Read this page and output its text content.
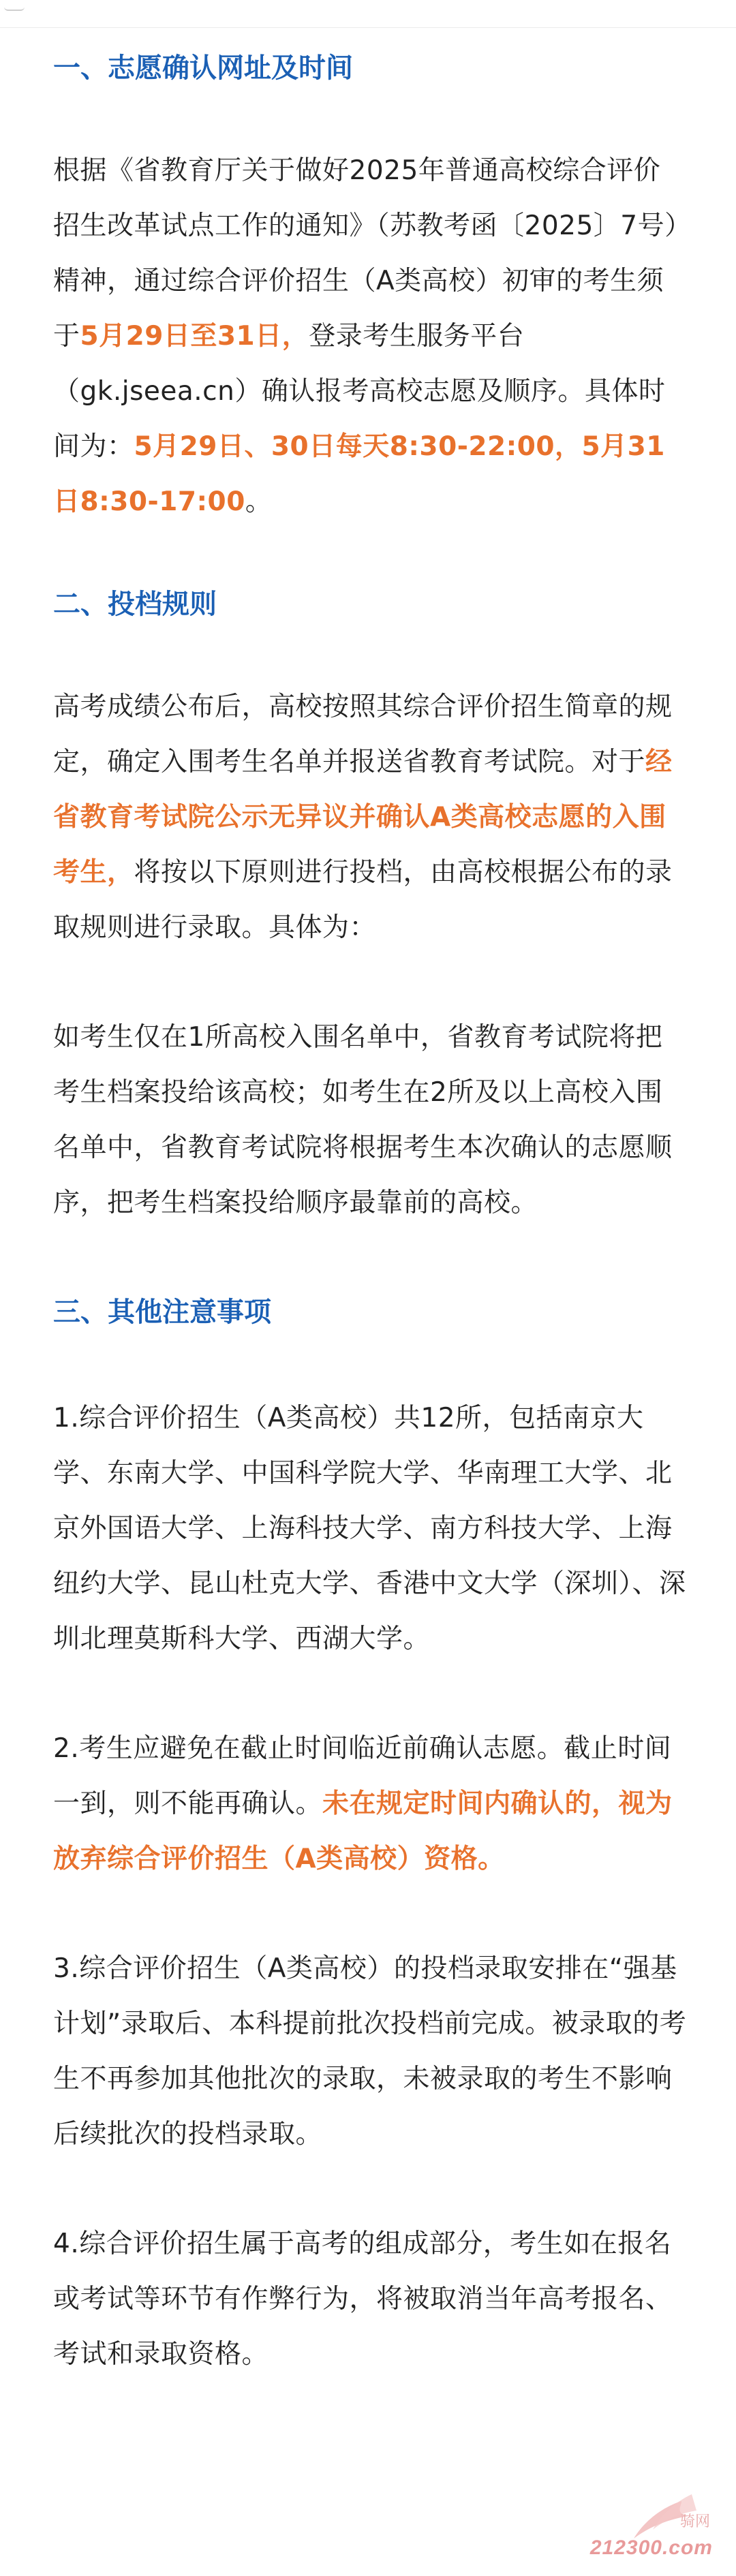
一、志愿确认网址及时间

根据《省教育厅关于做好2025年普通高校综合评价招生改革试点工作的通知》（苏教考函〔2025〕7号）精神，通过综合评价招生（A类高校）初审的考生须于5月29日至31日，登录考生服务平台（gk.jseea.cn）确认报考高校志愿及顺序。具体时间为：5月29日、30日每天8:30-22:00，5月31日8:30-17:00。

二、投档规则

高考成绩公布后，高校按照其综合评价招生简章的规定，确定入围考生名单并报送省教育考试院。对于经省教育考试院公示无异议并确认A类高校志愿的入围考生，将按以下原则进行投档，由高校根据公布的录取规则进行录取。具体为：

如考生仅在1所高校入围名单中，省教育考试院将把考生档案投给该高校；如考生在2所及以上高校入围名单中，省教育考试院将根据考生本次确认的志愿顺序，把考生档案投给顺序最靠前的高校。

三、其他注意事项

1.综合评价招生（A类高校）共12所，包括南京大学、东南大学、中国科学院大学、华南理工大学、北京外国语大学、上海科技大学、南方科技大学、上海纽约大学、昆山杜克大学、香港中文大学（深圳）、深圳北理莫斯科大学、西湖大学。

2.考生应避免在截止时间临近前确认志愿。截止时间一到，则不能再确认。未在规定时间内确认的，视为放弃综合评价招生（A类高校）资格。

3.综合评价招生（A类高校）的投档录取安排在“强基计划”录取后、本科提前批次投档前完成。被录取的考生不再参加其他批次的录取，未被录取的考生不影响后续批次的投档录取。

4.综合评价招生属于高考的组成部分，考生如在报名或考试等环节有作弊行为，将被取消当年高考报名、考试和录取资格。

骑网
212300.com
